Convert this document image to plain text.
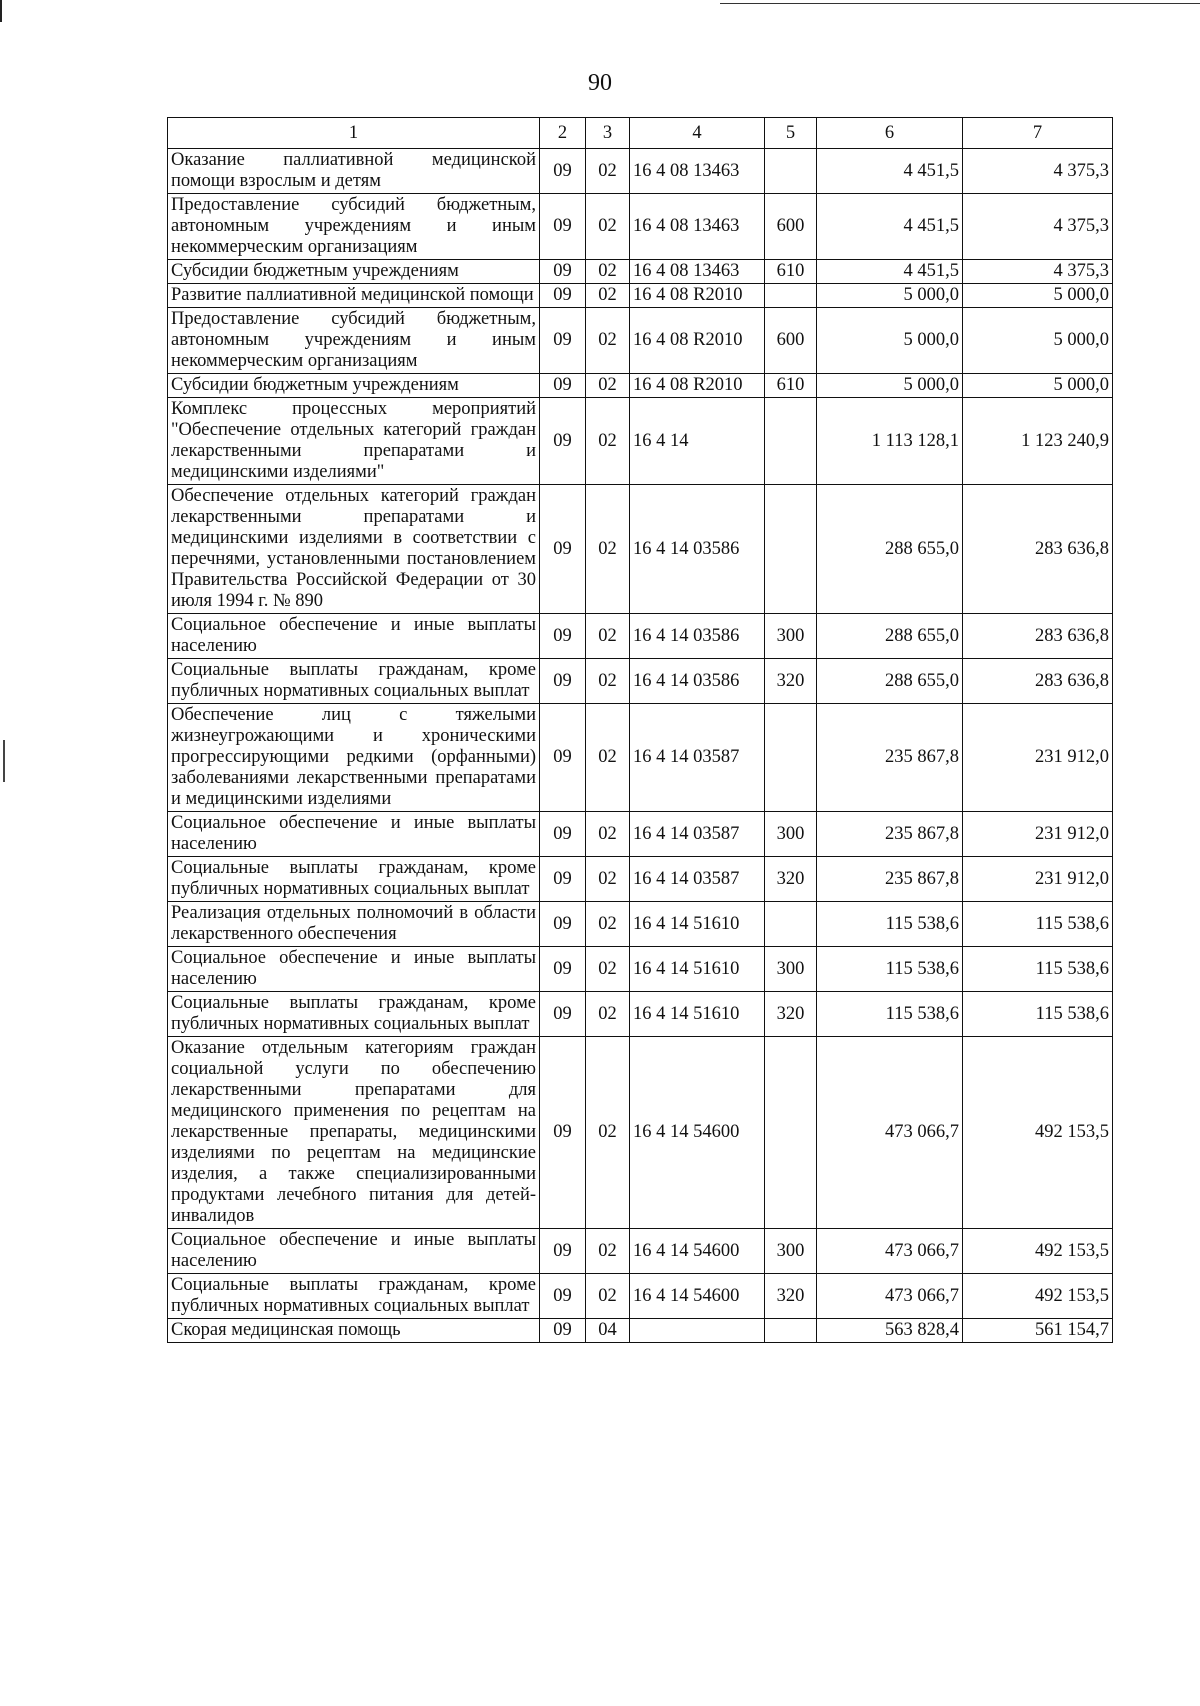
90
1	2	3	4	5	6	7
Оказание паллиативной медицинской помощи взрослым и детям	09	02	16 4 08 13463		4 451,5	4 375,3
Предоставление субсидий бюджетным, автономным учреждениям и иным некоммерческим организациям	09	02	16 4 08 13463	600	4 451,5	4 375,3
Субсидии бюджетным учреждениям	09	02	16 4 08 13463	610	4 451,5	4 375,3
Развитие паллиативной медицинской помощи	09	02	16 4 08 R2010		5 000,0	5 000,0
Предоставление субсидий бюджетным, автономным учреждениям и иным некоммерческим организациям	09	02	16 4 08 R2010	600	5 000,0	5 000,0
Субсидии бюджетным учреждениям	09	02	16 4 08 R2010	610	5 000,0	5 000,0
Комплекс процессных мероприятий "Обеспечение отдельных категорий граждан лекарственными препаратами и медицинскими изделиями"	09	02	16 4 14		1 113 128,1	1 123 240,9
Обеспечение отдельных категорий граждан лекарственными препаратами и медицинскими изделиями в соответствии с перечнями, установленными постановлением Правительства Российской Федерации от 30 июля 1994 г. № 890	09	02	16 4 14 03586		288 655,0	283 636,8
Социальное обеспечение и иные выплаты населению	09	02	16 4 14 03586	300	288 655,0	283 636,8
Социальные выплаты гражданам, кроме публичных нормативных социальных выплат	09	02	16 4 14 03586	320	288 655,0	283 636,8
Обеспечение лиц с тяжелыми жизнеугрожающими и хроническими прогрессирующими редкими (орфанными) заболеваниями лекарственными препаратами и медицинскими изделиями	09	02	16 4 14 03587		235 867,8	231 912,0
Социальное обеспечение и иные выплаты населению	09	02	16 4 14 03587	300	235 867,8	231 912,0
Социальные выплаты гражданам, кроме публичных нормативных социальных выплат	09	02	16 4 14 03587	320	235 867,8	231 912,0
Реализация отдельных полномочий в области лекарственного обеспечения	09	02	16 4 14 51610		115 538,6	115 538,6
Социальное обеспечение и иные выплаты населению	09	02	16 4 14 51610	300	115 538,6	115 538,6
Социальные выплаты гражданам, кроме публичных нормативных социальных выплат	09	02	16 4 14 51610	320	115 538,6	115 538,6
Оказание отдельным категориям граждан социальной услуги по обеспечению лекарственными препаратами для медицинского применения по рецептам на лекарственные препараты, медицинскими изделиями по рецептам на медицинские изделия, а также специализированными продуктами лечебного питания для детей-инвалидов	09	02	16 4 14 54600		473 066,7	492 153,5
Социальное обеспечение и иные выплаты населению	09	02	16 4 14 54600	300	473 066,7	492 153,5
Социальные выплаты гражданам, кроме публичных нормативных социальных выплат	09	02	16 4 14 54600	320	473 066,7	492 153,5
Скорая медицинская помощь	09	04			563 828,4	561 154,7
